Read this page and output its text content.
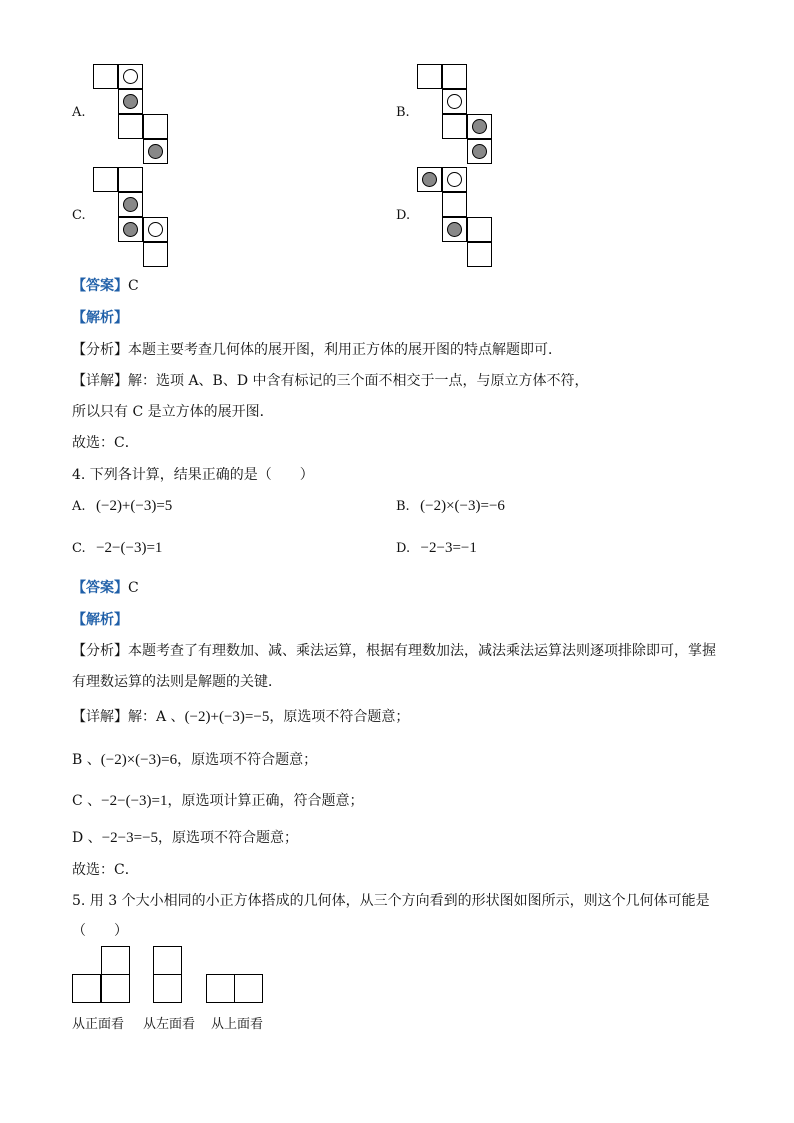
A.	B.
C.	D.
【答案】C
【解析】
【分析】本题主要考查几何体的展开图，利用正方体的展开图的特点解题即可．
【详解】解：选项 A、B、D 中含有标记的三个面不相交于一点，与原立方体不符，
所以只有 C 是立方体的展开图．
故选：C．
4. 下列各计算，结果正确的是（　　）
A. (−2)+(−3)=5	B. (−2)×(−3)=−6
C. −2−(−3)=1	D. −2−3=−1
【答案】C
【解析】
【分析】本题考查了有理数加、减、乘法运算，根据有理数加法，减法乘法运算法则逐项排除即可，掌握
有理数运算的法则是解题的关键．
【详解】解：A 、(−2)+(−3)=−5，原选项不符合题意；
B 、(−2)×(−3)=6，原选项不符合题意；
C 、−2−(−3)=1，原选项计算正确，符合题意；
D 、−2−3=−5，原选项不符合题意；
故选：C．
5. 用 3 个大小相同的小正方体搭成的几何体，从三个方向看到的形状图如图所示，则这个几何体可能是
（　　）
从正面看 从左面看 从上面看
